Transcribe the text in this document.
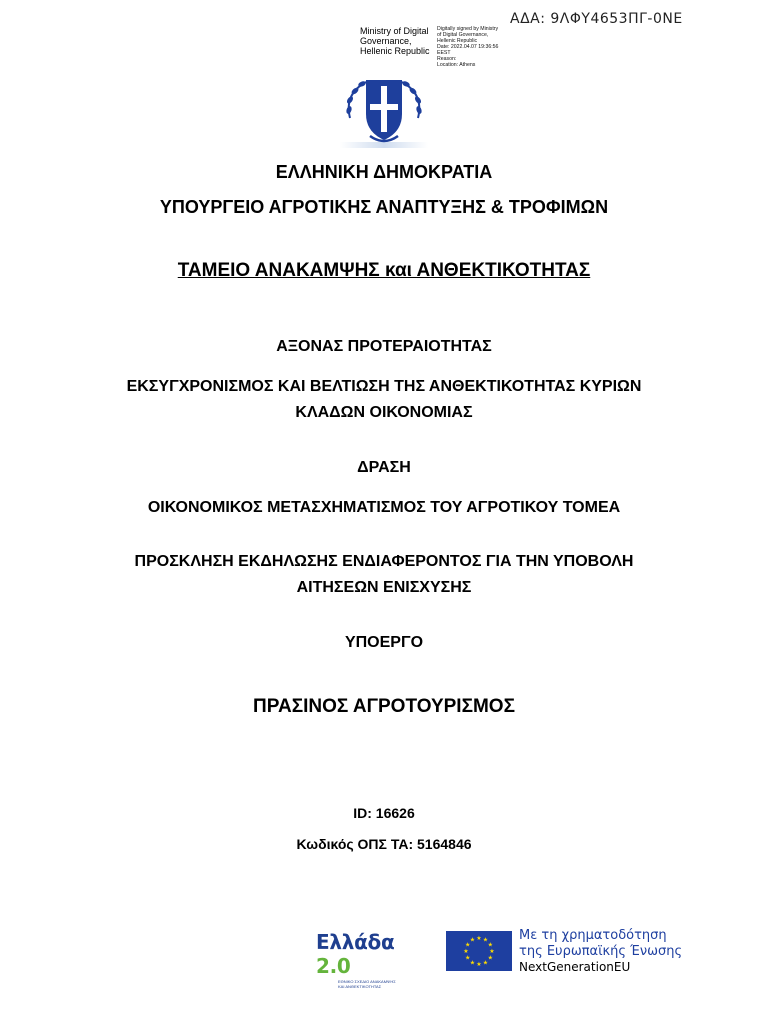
ΑΔΑ: 9ΛΦΥ4653ΠΓ-0ΝΕ
Ministry of Digital
Governance,
Hellenic Republic
Digitally signed by Ministry
of Digital Governance,
Hellenic Republic
Date: 2022.04.07 19:36:56
EEST
Reason:
Location: Athens
ΕΛΛΗΝΙΚΗ ΔΗΜΟΚΡΑΤΙΑ
ΥΠΟΥΡΓΕΙΟ ΑΓΡΟΤΙΚΗΣ ΑΝΑΠΤΥΞΗΣ & ΤΡΟΦΙΜΩΝ
ΤΑΜΕΙΟ ΑΝΑΚΑΜΨΗΣ και ΑΝΘΕΚΤΙΚΟΤΗΤΑΣ
ΑΞΟΝΑΣ ΠΡΟΤΕΡΑΙΟΤΗΤΑΣ
ΕΚΣΥΓΧΡΟΝΙΣΜΟΣ ΚΑΙ ΒΕΛΤΙΩΣΗ ΤΗΣ ΑΝΘΕΚΤΙΚΟΤΗΤΑΣ ΚΥΡΙΩΝ
ΚΛΑΔΩΝ ΟΙΚΟΝΟΜΙΑΣ
ΔΡΑΣΗ
ΟΙΚΟΝΟΜΙΚΟΣ ΜΕΤΑΣΧΗΜΑΤΙΣΜΟΣ ΤΟΥ ΑΓΡΟΤΙΚΟΥ ΤΟΜΕΑ
ΠΡΟΣΚΛΗΣΗ ΕΚΔΗΛΩΣΗΣ ΕΝΔΙΑΦΕΡΟΝΤΟΣ ΓΙΑ ΤΗΝ ΥΠΟΒΟΛΗ
ΑΙΤΗΣΕΩΝ ΕΝΙΣΧΥΣΗΣ
ΥΠΟΕΡΓΟ
ΠΡΑΣΙΝΟΣ ΑΓΡΟΤΟΥΡΙΣΜΟΣ
ID: 16626
Κωδικός ΟΠΣ ΤΑ: 5164846
Ελλάδα 2.0
ΕΘΝΙΚΟ ΣΧΕΔΙΟ ΑΝΑΚΑΜΨΗΣ
ΚΑΙ ΑΝΘΕΚΤΙΚΟΤΗΤΑΣ
★
★
★
★
★
★
★
★
★ ★ ★
★
Με τη χρηματοδότηση
της Ευρωπαϊκής Ένωσης
NextGenerationEU
